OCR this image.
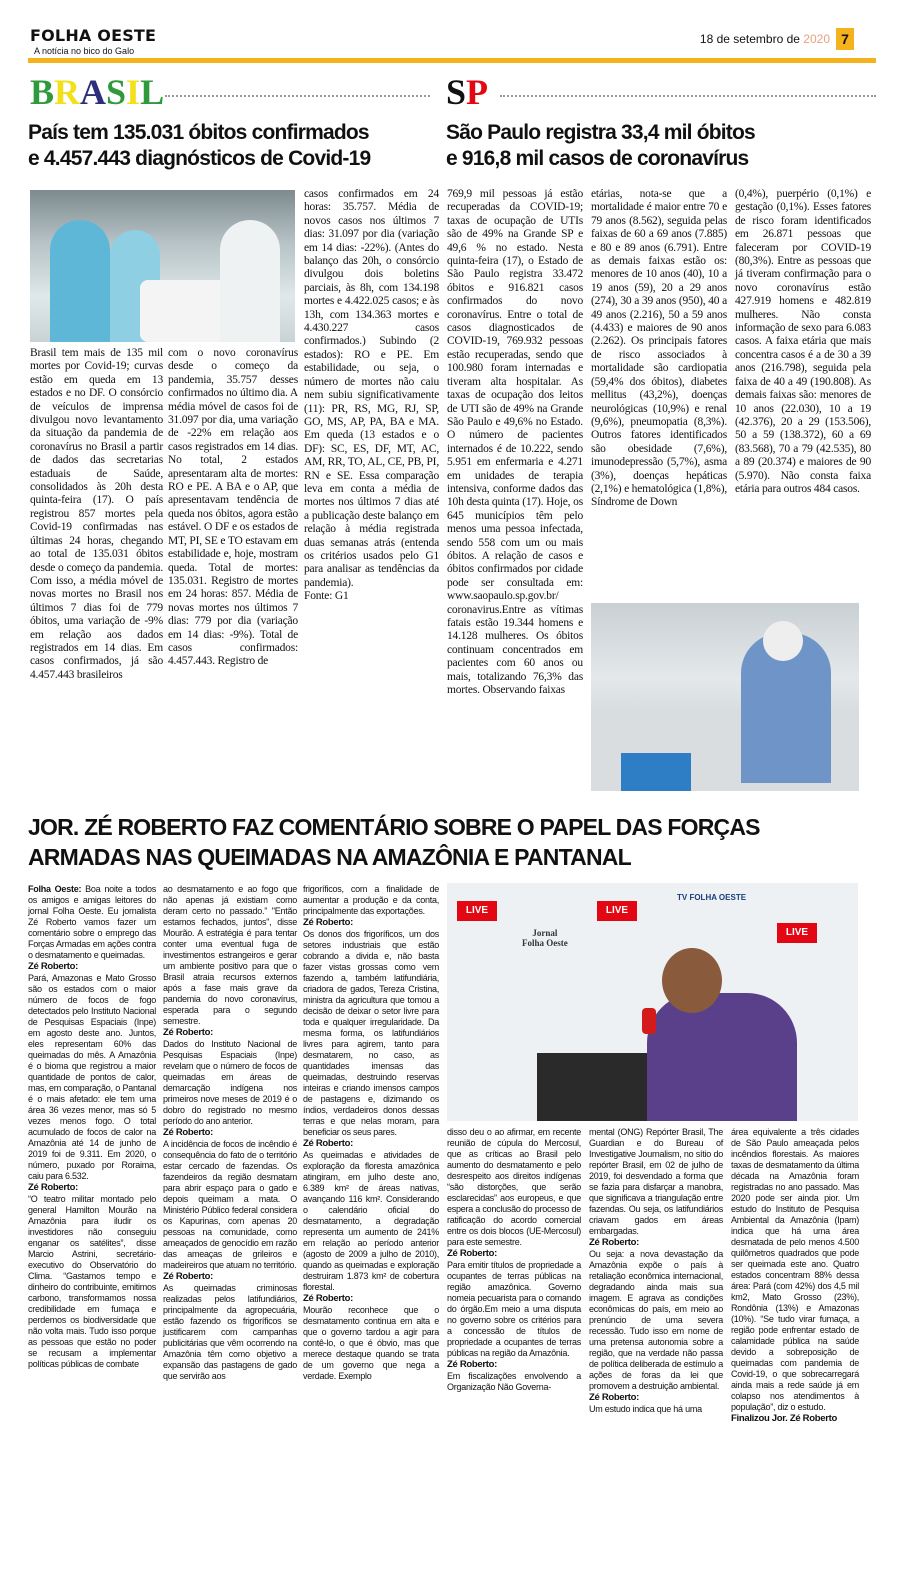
FOLHA OESTE
A notícia no bico do Galo
18 de setembro de 2020 7
BRASIL	SP
País tem 135.031 óbitos confirmados
e 4.457.443 diagnósticos de Covid-19
São Paulo registra 33,4 mil óbitos
e 916,8 mil casos de coronavírus

Brasil tem mais de 135 mil mortes por Covid-19; curvas estão em queda em 13 estados e no DF. O consórcio de veículos de imprensa divulgou novo levantamento da situação da pandemia de coronavírus no Brasil a partir de dados das secretarias estaduais de Saúde, consolidados às 20h desta quinta-feira (17). O país registrou 857 mortes pela Covid-19 confirmadas nas últimas 24 horas, chegando ao total de 135.031 óbitos desde o começo da pandemia. Com isso, a média móvel de novas mortes no Brasil nos últimos 7 dias foi de 779 óbitos, uma variação de -9% em relação aos dados registrados em 14 dias. Em casos confirmados, já são 4.457.443 brasileiros

com o novo coronavírus desde o começo da pandemia, 35.757 desses confirmados no último dia. A média móvel de casos foi de 31.097 por dia, uma variação de -22% em relação aos casos registrados em 14 dias. No total, 2 estados apresentaram alta de mortes: RO e PE. A BA e o AP, que apresentavam tendência de queda nos óbitos, agora estão estável. O DF e os estados de MT, PI, SE e TO estavam em estabilidade e, hoje, mostram queda. Total de mortes: 135.031. Registro de mortes em 24 horas: 857. Média de novas mortes nos últimos 7 dias: 779 por dia (variação em 14 dias: -9%). Total de casos confirmados: 4.457.443. Registro de

casos confirmados em 24 horas: 35.757. Média de novos casos nos últimos 7 dias: 31.097 por dia (variação em 14 dias: -22%). (Antes do balanço das 20h, o consórcio divulgou dois boletins parciais, às 8h, com 134.198 mortes e 4.422.025 casos; e às 13h, com 134.363 mortes e 4.430.227 casos confirmados.) Subindo (2 estados): RO e PE. Em estabilidade, ou seja, o número de mortes não caiu nem subiu significativamente (11): PR, RS, MG, RJ, SP, GO, MS, AP, PA, BA e MA. Em queda (13 estados e o DF): SC, ES, DF, MT, AC, AM, RR, TO, AL, CE, PB, PI, RN e SE. Essa comparação leva em conta a média de mortes nos últimos 7 dias até a publicação deste balanço em relação à média registrada duas semanas atrás (entenda os critérios usados pelo G1 para analisar as tendências da pandemia).

Fonte: G1

769,9 mil pessoas já estão recuperadas da COVID-19; taxas de ocupação de UTIs são de 49% na Grande SP e 49,6 % no estado. Nesta quinta-feira (17), o Estado de São Paulo registra 33.472 óbitos e 916.821 casos confirmados do novo coronavírus. Entre o total de casos diagnosticados de COVID-19, 769.932 pessoas estão recuperadas, sendo que 100.980 foram internadas e tiveram alta hospitalar. As taxas de ocupação dos leitos de UTI são de 49% na Grande São Paulo e 49,6% no Estado. O número de pacientes internados é de 10.222, sendo 5.951 em enfermaria e 4.271 em unidades de terapia intensiva, conforme dados das 10h desta quinta (17). Hoje, os 645 municípios têm pelo menos uma pessoa infectada, sendo 558 com um ou mais óbitos. A relação de casos e óbitos confirmados por cidade pode ser consultada em: www.saopaulo.sp.gov.br/ coronavirus.Entre as vítimas fatais estão 19.344 homens e 14.128 mulheres. Os óbitos continuam concentrados em pacientes com 60 anos ou mais, totalizando 76,3% das mortes. Observando faixas

etárias, nota-se que a mortalidade é maior entre 70 e 79 anos (8.562), seguida pelas faixas de 60 a 69 anos (7.885) e 80 e 89 anos (6.791). Entre as demais faixas estão os: menores de 10 anos (40), 10 a 19 anos (59), 20 a 29 anos (274), 30 a 39 anos (950), 40 a 49 anos (2.216), 50 a 59 anos (4.433) e maiores de 90 anos (2.262). Os principais fatores de risco associados à mortalidade são cardiopatia (59,4% dos óbitos), diabetes mellitus (43,2%), doenças neurológicas (10,9%) e renal (9,6%), pneumopatia (8,3%). Outros fatores identificados são obesidade (7,6%), imunodepressão (5,7%), asma (3%), doenças hepáticas (2,1%) e hematológica (1,8%), Síndrome de Down

(0,4%), puerpério (0,1%) e gestação (0,1%). Esses fatores de risco foram identificados em 26.871 pessoas que faleceram por COVID-19 (80,3%). Entre as pessoas que já tiveram confirmação para o novo coronavírus estão 427.919 homens e 482.819 mulheres. Não consta informação de sexo para 6.083 casos. A faixa etária que mais concentra casos é a de 30 a 39 anos (216.798), seguida pela faixa de 40 a 49 (190.808). As demais faixas são: menores de 10 anos (22.030), 10 a 19 (42.376), 20 a 29 (153.506), 50 a 59 (138.372), 60 a 69 (83.568), 70 a 79 (42.535), 80 a 89 (20.374) e maiores de 90 (5.970). Não consta faixa etária para outros 484 casos.

JOR. ZÉ ROBERTO FAZ COMENTÁRIO SOBRE O PAPEL DAS FORÇAS
ARMADAS NAS QUEIMADAS NA AMAZÔNIA E PANTANAL

Folha Oeste: Boa noite a todos os amigos e amigas leitores do jornal Folha Oeste. Eu jornalista Zé Roberto vamos fazer um comentário sobre o emprego das Forças Armadas em ações contra o desmatamento e queimadas.

Zé Roberto:

Pará, Amazonas e Mato Grosso são os estados com o maior número de focos de fogo detectados pelo Instituto Nacional de Pesquisas Espaciais (Inpe) em agosto deste ano. Juntos, eles representam 60% das queimadas do mês. A Amazônia é o bioma que registrou a maior quantidade de pontos de calor, mas, em comparação, o Pantanal é o mais afetado: ele tem uma área 36 vezes menor, mas só 5 vezes menos fogo. O total acumulado de focos de calor na Amazônia até 14 de junho de 2019 foi de 9.311. Em 2020, o número, puxado por Roraima, caiu para 6.532.

Zé Roberto:

“O teatro militar montado pelo general Hamilton Mourão na Amazônia para iludir os investidores não conseguiu enganar os satélites”, disse Marcio Astrini, secretário-executivo do Observatório do Clima. “Gastamos tempo e dinheiro do contribuinte, emitimos carbono, transformamos nossa credibilidade em fumaça e perdemos os biodiversidade que não volta mais. Tudo isso porque as pessoas que estão no poder se recusam a implementar políticas públicas de combate

ao desmatamento e ao fogo que não apenas já existiam como deram certo no passado.” "Então estamos fechados, juntos", disse Mourão. A estratégia é para tentar conter uma eventual fuga de investimentos estrangeiros e gerar um ambiente positivo para que o Brasil atraia recursos externos após a fase mais grave da pandemia do novo coronavírus, esperada para o segundo semestre.

Zé Roberto:

Dados do Instituto Nacional de Pesquisas Espaciais (Inpe) revelam que o número de focos de queimadas em áreas de demarcação indígena nos primeiros nove meses de 2019 é o dobro do registrado no mesmo período do ano anterior.

Zé Roberto:

A incidência de focos de incêndio é consequência do fato de o território estar cercado de fazendas. Os fazendeiros da região desmatam para abrir espaço para o gado e depois queimam a mata. O Ministério Público federal considera os Kapurinas, com apenas 20 pessoas na comunidade, como ameaçados de genocídio em razão das ameaças de grileiros e madeireiros que atuam no território.

Zé Roberto:

As queimadas criminosas realizadas pelos latifundiários, principalmente da agropecuária, estão fazendo os frigoríficos se justificarem com campanhas publicitárias que vêm ocorrendo na Amazônia têm como objetivo a expansão das pastagens de gado que servirão aos

frigoríficos, com a finalidade de aumentar a produção e da conta, principalmente das exportações.

Zé Roberto:

Os donos dos frigoríficos, um dos setores industriais que estão cobrando a divida e, não basta fazer vistas grossas como vem fazendo a, também latifundiária, criadora de gados, Tereza Cristina, ministra da agricultura que tomou a decisão de deixar o setor livre para toda e qualquer irregularidade. Da mesma forma, os latifundiários livres para agirem, tanto para desmatarem, no caso, as quantidades imensas das queimadas, destruindo reservas inteiras e criando imensos campos de pastagens e, dizimando os índios, verdadeiros donos dessas terras e que nelas moram, para beneficiar os seus pares.

Zé Roberto:

As queimadas e atividades de exploração da floresta amazônica atingiram, em julho deste ano, 6.389 km² de áreas nativas, avançando 116 km². Considerando o calendário oficial do desmatamento, a degradação representa um aumento de 241% em relação ao período anterior (agosto de 2009 a julho de 2010), quando as queimadas e exploração destruiram 1.873 km² de cobertura florestal.

Zé Roberto:

Mourão reconhece que o desmatamento continua em alta e que o governo tardou a agir para contê-lo, o que é óbvio, mas que merece destaque quando se trata de um governo que nega a verdade. Exemplo

LIVE	LIVE
LIVE
Jornal
Folha Oeste
TV FOLHA OESTE

disso deu o ao afirmar, em recente reunião de cúpula do Mercosul, que as críticas ao Brasil pelo aumento do desmatamento e pelo desrespeito aos direitos indígenas “são distorções, que serão esclarecidas” aos europeus, e que espera a conclusão do processo de ratificação do acordo comercial entre os dois blocos (UE-Mercosul) para este semestre.

Zé Roberto:

Para emitir títulos de propriedade a ocupantes de terras públicas na região amazônica. Governo nomeia pecuarista para o comando do órgão.Em meio a uma disputa no governo sobre os critérios para a concessão de títulos de propriedade a ocupantes de terras públicas na região da Amazônia.

Zé Roberto:

Em fiscalizações envolvendo a Organização Não Governa-

mental (ONG) Repórter Brasil, The Guardian e do Bureau of Investigative Journalism, no sítio do repórter Brasil, em 02 de julho de 2019, foi desvendado a forma que se fazia para disfarçar a manobra, que significava a triangulação entre fazendas. Ou seja, os latifundiários criavam gados em áreas embargadas.

Zé Roberto:

Ou seja: a nova devastação da Amazônia expõe o país à retaliação econômica internacional, degradando ainda mais sua imagem. E agrava as condições econômicas do país, em meio ao prenúncio de uma severa recessão. Tudo isso em nome de uma pretensa autonomia sobre a região, que na verdade não passa de política deliberada de estímulo a ações de foras da lei que promovem a destruição ambiental.

Zé Roberto:

Um estudo indica que há uma

área equivalente a três cidades de São Paulo ameaçada pelos incêndios florestais. As maiores taxas de desmatamento da última década na Amazônia foram registradas no ano passado. Mas 2020 pode ser ainda pior. Um estudo do Instituto de Pesquisa Ambiental da Amazônia (Ipam) indica que há uma área desmatada de pelo menos 4.500 quilômetros quadrados que pode ser queimada este ano. Quatro estados concentram 88% dessa área: Pará (com 42%) dos 4,5 mil km2, Mato Grosso (23%), Rondônia (13%) e Amazonas (10%). “Se tudo virar fumaça, a região pode enfrentar estado de calamidade pública na saúde devido a sobreposição de queimadas com pandemia de Covid-19, o que sobrecarregará ainda mais a rede saúde já em colapso nos atendimentos à população”, diz o estudo.

Finalizou Jor. Zé Roberto
